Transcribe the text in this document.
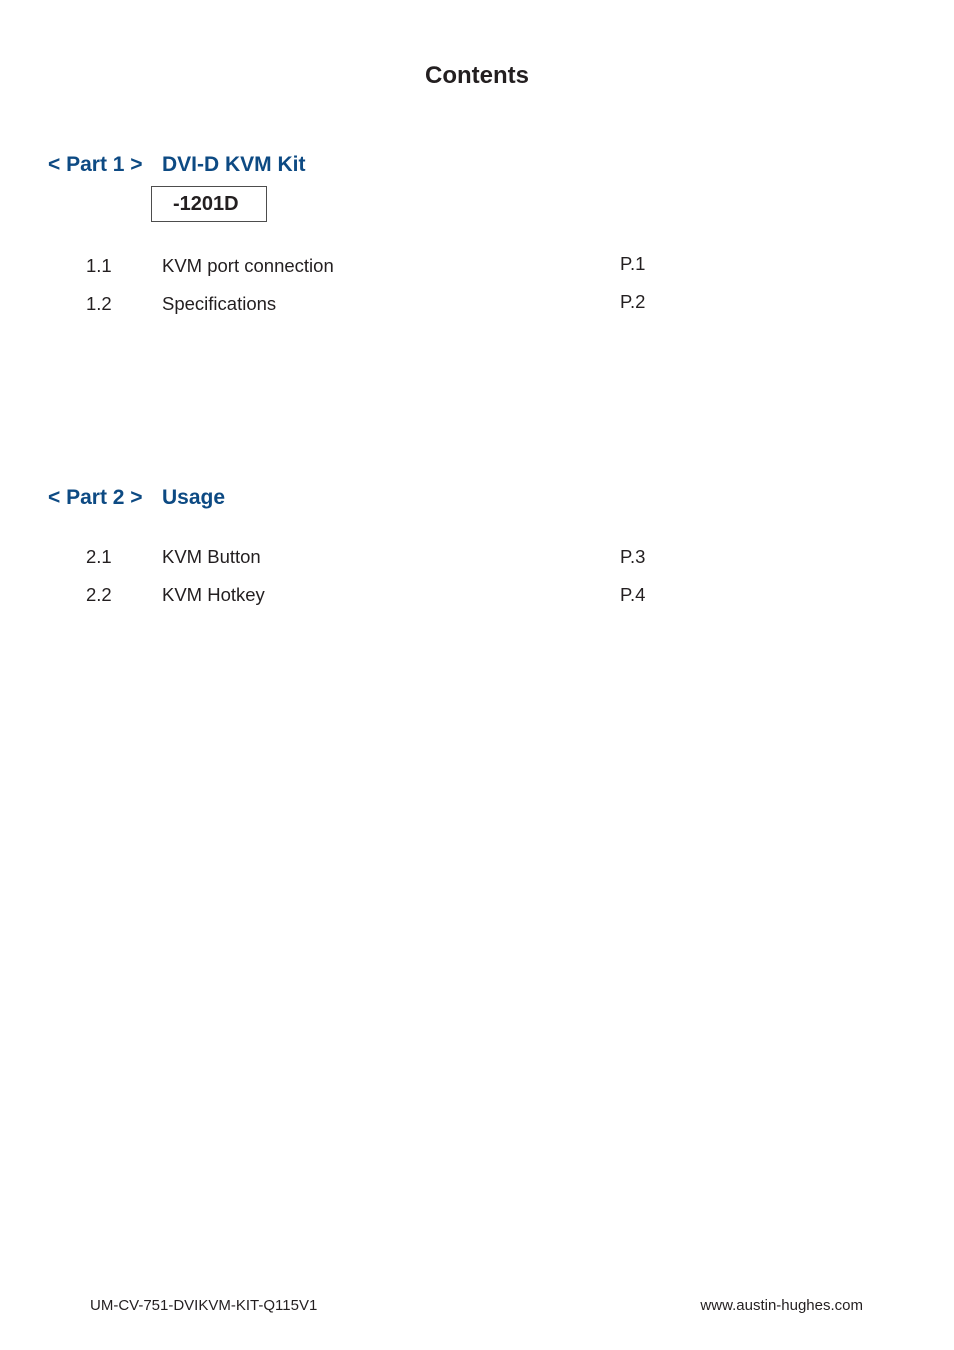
Contents
< Part 1 > DVI-D KVM Kit
-1201D
1.1	KVM port connection	P.1
1.2	Specifications	P.2
< Part 2 > Usage
2.1	KVM Button	P.3
2.2	KVM Hotkey	P.4
UM-CV-751-DVIKVM-KIT-Q115V1	www.austin-hughes.com
